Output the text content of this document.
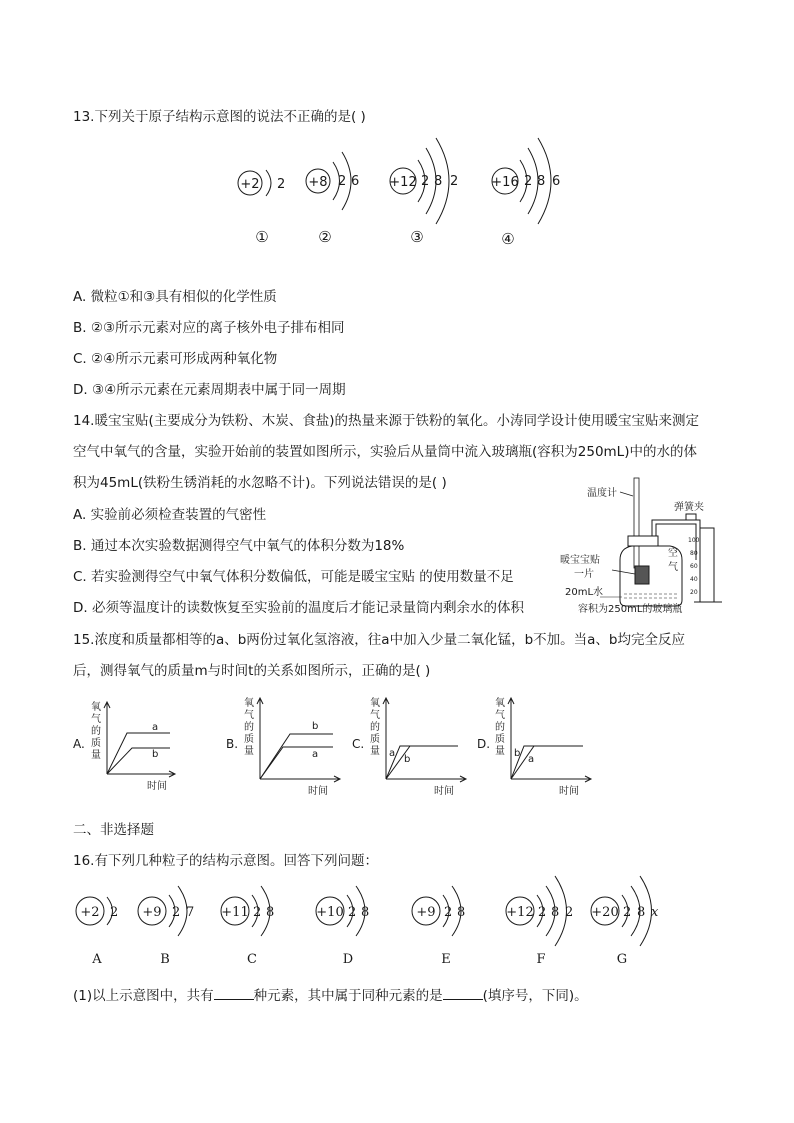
13.下列关于原子结构示意图的说法不正确的是( )
+2 2 +8 2 6 +12 2 8 2	+16 2 8 6
①	②	③	④
A. 微粒①和③具有相似的化学性质
B. ②③所示元素对应的离子核外电子排布相同
C. ②④所示元素可形成两种氧化物
D. ③④所示元素在元素周期表中属于同一周期
14.暖宝宝贴(主要成分为铁粉、木炭、食盐)的热量来源于铁粉的氧化。小涛同学设计使用暖宝宝贴来测定
空气中氧气的含量，实验开始前的装置如图所示，实验后从量筒中流入玻璃瓶(容积为250mL)中的水的体
积为45mL(铁粉生锈消耗的水忽略不计)。下列说法错误的是( )
A. 实验前必须检查装置的气密性
B. 通过本次实验数据测得空气中氧气的体积分数为18%
C. 若实验测得空气中氧气体积分数偏低，可能是暖宝宝贴 的使用数量不足
D. 必须等温度计的读数恢复至实验前的温度后才能记录量筒内剩余水的体积
温度计
弹簧夹
暖宝宝贴
一片
20mL水
空
气
容积为250mL的玻璃瓶
100
80
60
40
20
15.浓度和质量都相等的a、b两份过氧化氢溶液，往a中加入少量二氧化锰，b不加。当a、b均完全反应
后，测得氧气的质量m与时间t的关系如图所示，正确的是( )
A.
氧
气
的
质
量
a
b
时间
B.
氧
气
的
质
量
b
a
时间
C.
氧
气
的
质
量 a
b
时间
D.
氧
气
的
质
量 b
a
时间
二、非选择题
16.有下列几种粒子的结构示意图。回答下列问题：
+2 2 +9 2 7 +11 2 8	+10 2 8	+9 2 8	+12 2 8 2 +20 2 8 x
A	B	C	D	E	F	G
(1)以上示意图中，共有	种元素，其中属于同种元素的是	(填序号，下同)。
